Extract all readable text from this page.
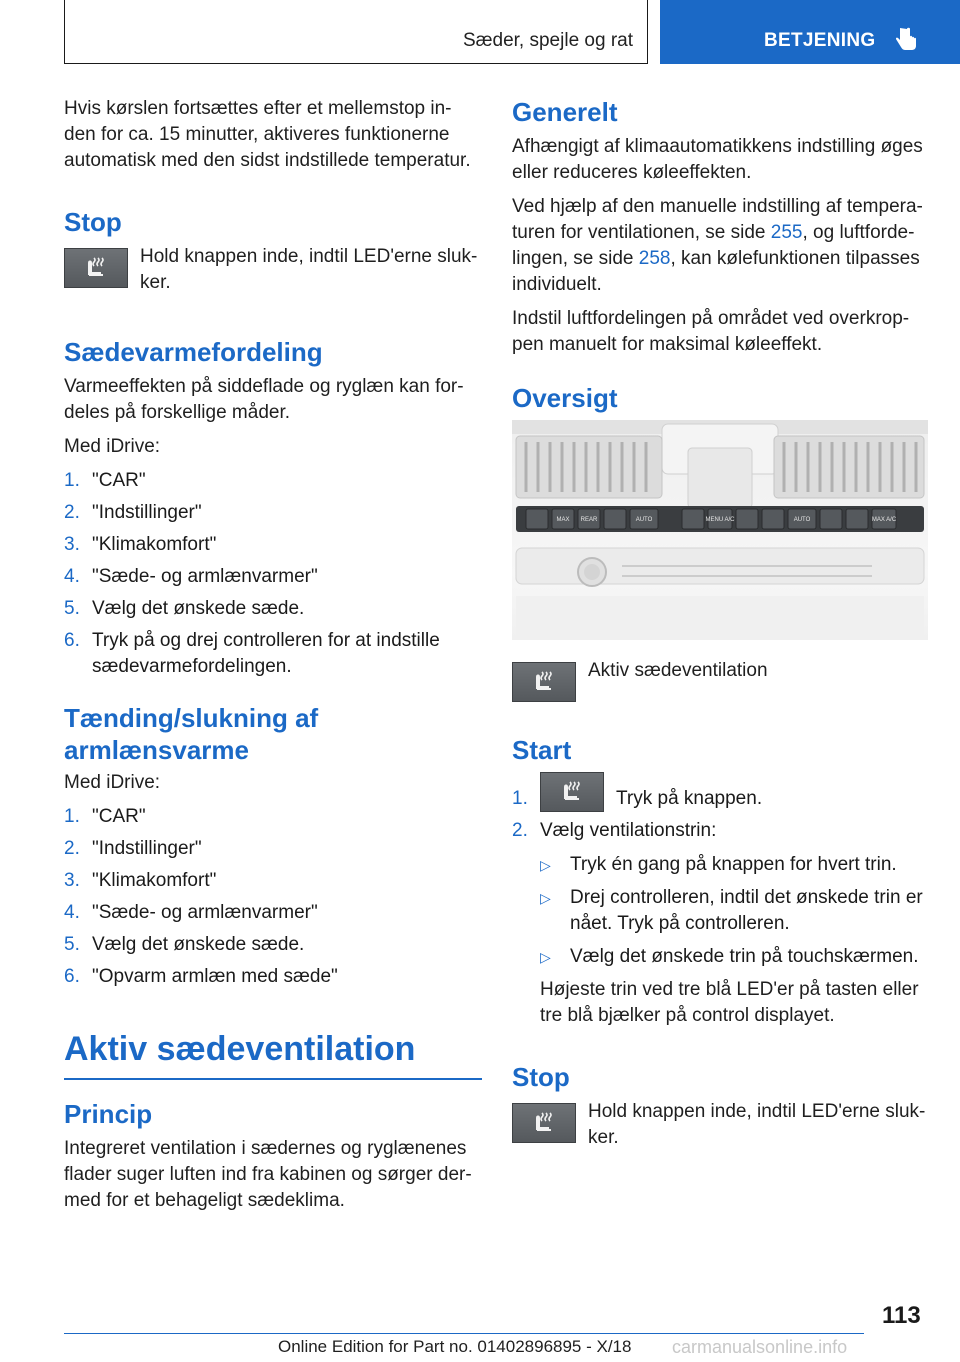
Sæder, spejle og rat	BETJENING

Hvis kørslen fortsættes efter et mellemstop in-den for ca. 15 minutter, aktiveres funktionerne automatisk med den sidst indstillede temperatur.

Stop

Hold knappen inde, indtil LED'erne sluk-ker.

Sædevarmefordeling

Varmeeffekten på siddeflade og ryglæn kan for-deles på forskellige måder.

Med iDrive:

1. "CAR"
2. "Indstillinger"
3. "Klimakomfort"
4. "Sæde- og armlænvarmer"
5. Vælg det ønskede sæde.
6. Tryk på og drej controlleren for at indstille sædevarmefordelingen.
Tænding/slukning af
armlænsvarme

Med iDrive:

1. "CAR"
2. "Indstillinger"
3. "Klimakomfort"
4. "Sæde- og armlænvarmer"
5. Vælg det ønskede sæde.
6. "Opvarm armlæn med sæde"
Aktiv sædeventilation
Princip

Integreret ventilation i sædernes og ryglænenes flader suger luften ind fra kabinen og sørger der-med for et behageligt sædeklima.

Generelt

Afhængigt af klimaautomatikkens indstilling øges eller reduceres køleeffekten.

Ved hjælp af den manuelle indstilling af tempera-turen for ventilationen, se side 255, og luftforde-lingen, se side 258, kan kølefunktionen tilpasses individuelt.

Indstil luftfordelingen på området ved overkrop-pen manuelt for maksimal køleeffekt.

Oversigt
MAX REAR	AUTO	MENU A/C	AUTO	MAX A/C

Aktiv sædeventilation

Start
1.	Tryk på knappen.
2. Vælg ventilationstrin:
▷	Tryk én gang på knappen for hvert trin.
▷	Drej controlleren, indtil det ønskede trin er nået. Tryk på controlleren.
▷	Vælg det ønskede trin på touchskærmen.

Højeste trin ved tre blå LED'er på tasten eller tre blå bjælker på control displayet.

Stop

Hold knappen inde, indtil LED'erne sluk-ker.

113
Online Edition for Part no. 01402896895 - X/18 carmanualsonline.info
